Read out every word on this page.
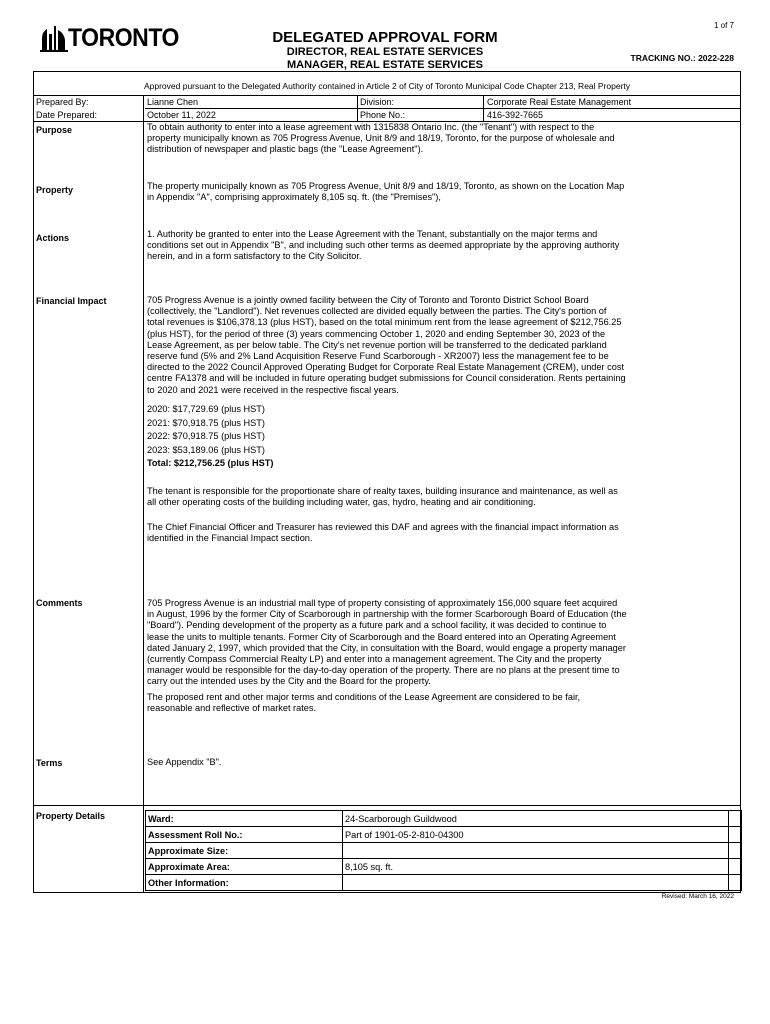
TORONTO	1 of 7
DELEGATED APPROVAL FORM
DIRECTOR, REAL ESTATE SERVICES
MANAGER, REAL ESTATE SERVICES
TRACKING NO.: 2022-228
Approved pursuant to the Delegated Authority contained in Article 2 of City of Toronto Municipal Code Chapter 213, Real Property
Prepared By:	Lianne Chen	Division:	Corporate Real Estate Management
Date Prepared:	October 11, 2022	Phone No.:	416-392-7665
Purpose	To obtain authority to enter into a lease agreement with 1315838 Ontario Inc. (the "Tenant") with respect to the
property municipally known as 705 Progress Avenue, Unit 8/9 and 18/19, Toronto, for the purpose of wholesale and
distribution of newspaper and plastic bags (the "Lease Agreement").
Property	The property municipally known as 705 Progress Avenue, Unit 8/9 and 18/19, Toronto, as shown on the Location Map
in Appendix "A", comprising approximately 8,105 sq. ft. (the "Premises"),
Actions	1. Authority be granted to enter into the Lease Agreement with the Tenant, substantially on the major terms and
conditions set out in Appendix "B", and including such other terms as deemed appropriate by the approving authority
herein, and in a form satisfactory to the City Solicitor.
Financial Impact	705 Progress Avenue is a jointly owned facility between the City of Toronto and Toronto District School Board
(collectively, the "Landlord"). Net revenues collected are divided equally between the parties. The City's portion of
total revenues is $106,378.13 (plus HST), based on the total minimum rent from the lease agreement of $212,756.25
(plus HST), for the period of three (3) years commencing October 1, 2020 and ending September 30, 2023 of the
Lease Agreement, as per below table. The City's net revenue portion will be transferred to the dedicated parkland
reserve fund (5% and 2% Land Acquisition Reserve Fund Scarborough - XR2007) less the management fee to be
directed to the 2022 Council Approved Operating Budget for Corporate Real Estate Management (CREM), under cost
centre FA1378 and will be included in future operating budget submissions for Council consideration. Rents pertaining
to 2020 and 2021 were received in the respective fiscal years.
2020: $17,729.69 (plus HST)
2021: $70,918.75 (plus HST)
2022: $70,918.75 (plus HST)
2023: $53,189.06 (plus HST)
Total: $212,756.25 (plus HST)
The tenant is responsible for the proportionate share of realty taxes, building insurance and maintenance, as well as
all other operating costs of the building including water, gas, hydro, heating and air conditioning.
The Chief Financial Officer and Treasurer has reviewed this DAF and agrees with the financial impact information as
identified in the Financial Impact section.
Comments	705 Progress Avenue is an industrial mall type of property consisting of approximately 156,000 square feet acquired
in August, 1996 by the former City of Scarborough in partnership with the former Scarborough Board of Education (the
"Board"). Pending development of the property as a future park and a school facility, it was decided to continue to
lease the units to multiple tenants. Former City of Scarborough and the Board entered into an Operating Agreement
dated January 2, 1997, which provided that the City, in consultation with the Board, would engage a property manager
(currently Compass Commercial Realty LP) and enter into a management agreement. The City and the property
manager would be responsible for the day-to-day operation of the property. There are no plans at the present time to
carry out the intended uses by the City and the Board for the property.
The proposed rent and other major terms and conditions of the Lease Agreement are considered to be fair,
reasonable and reflective of market rates.
Terms	See Appendix "B".
Property Details	Ward:	24-Scarborough Guildwood	
Assessment Roll No.:	Part of 1901-05-2-810-04300	
Approximate Size:		
Approximate Area:	8,105 sq. ft.	
Other Information:		
Revised: March 16, 2022
